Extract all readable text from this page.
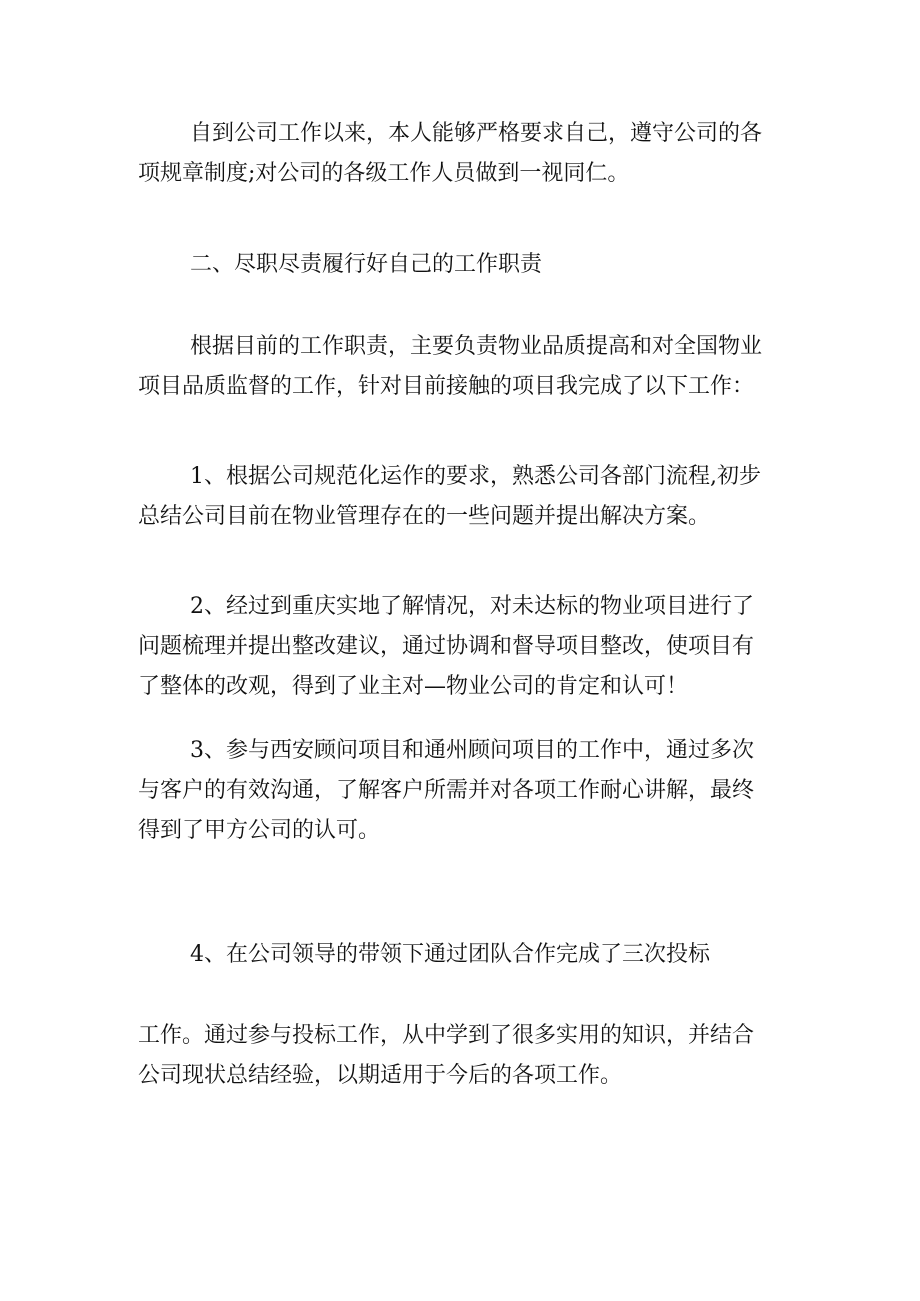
自到公司工作以来，本人能够严格要求自己，遵守公司的各
项规章制度;对公司的各级工作人员做到一视同仁。

二、尽职尽责履行好自己的工作职责

根据目前的工作职责，主要负责物业品质提高和对全国物业
项目品质监督的工作，针对目前接触的项目我完成了以下工作：

1、根据公司规范化运作的要求，熟悉公司各部门流程,初步
总结公司目前在物业管理存在的一些问题并提出解决方案。

2、经过到重庆实地了解情况，对未达标的物业项目进行了
问题梳理并提出整改建议，通过协调和督导项目整改，使项目有
了整体的改观，得到了业主对—物业公司的肯定和认可！

3、参与西安顾问项目和通州顾问项目的工作中，通过多次
与客户的有效沟通，了解客户所需并对各项工作耐心讲解，最终
得到了甲方公司的认可。

4、在公司领导的带领下通过团队合作完成了三次投标

工作。通过参与投标工作，从中学到了很多实用的知识，并结合
公司现状总结经验，以期适用于今后的各项工作。
